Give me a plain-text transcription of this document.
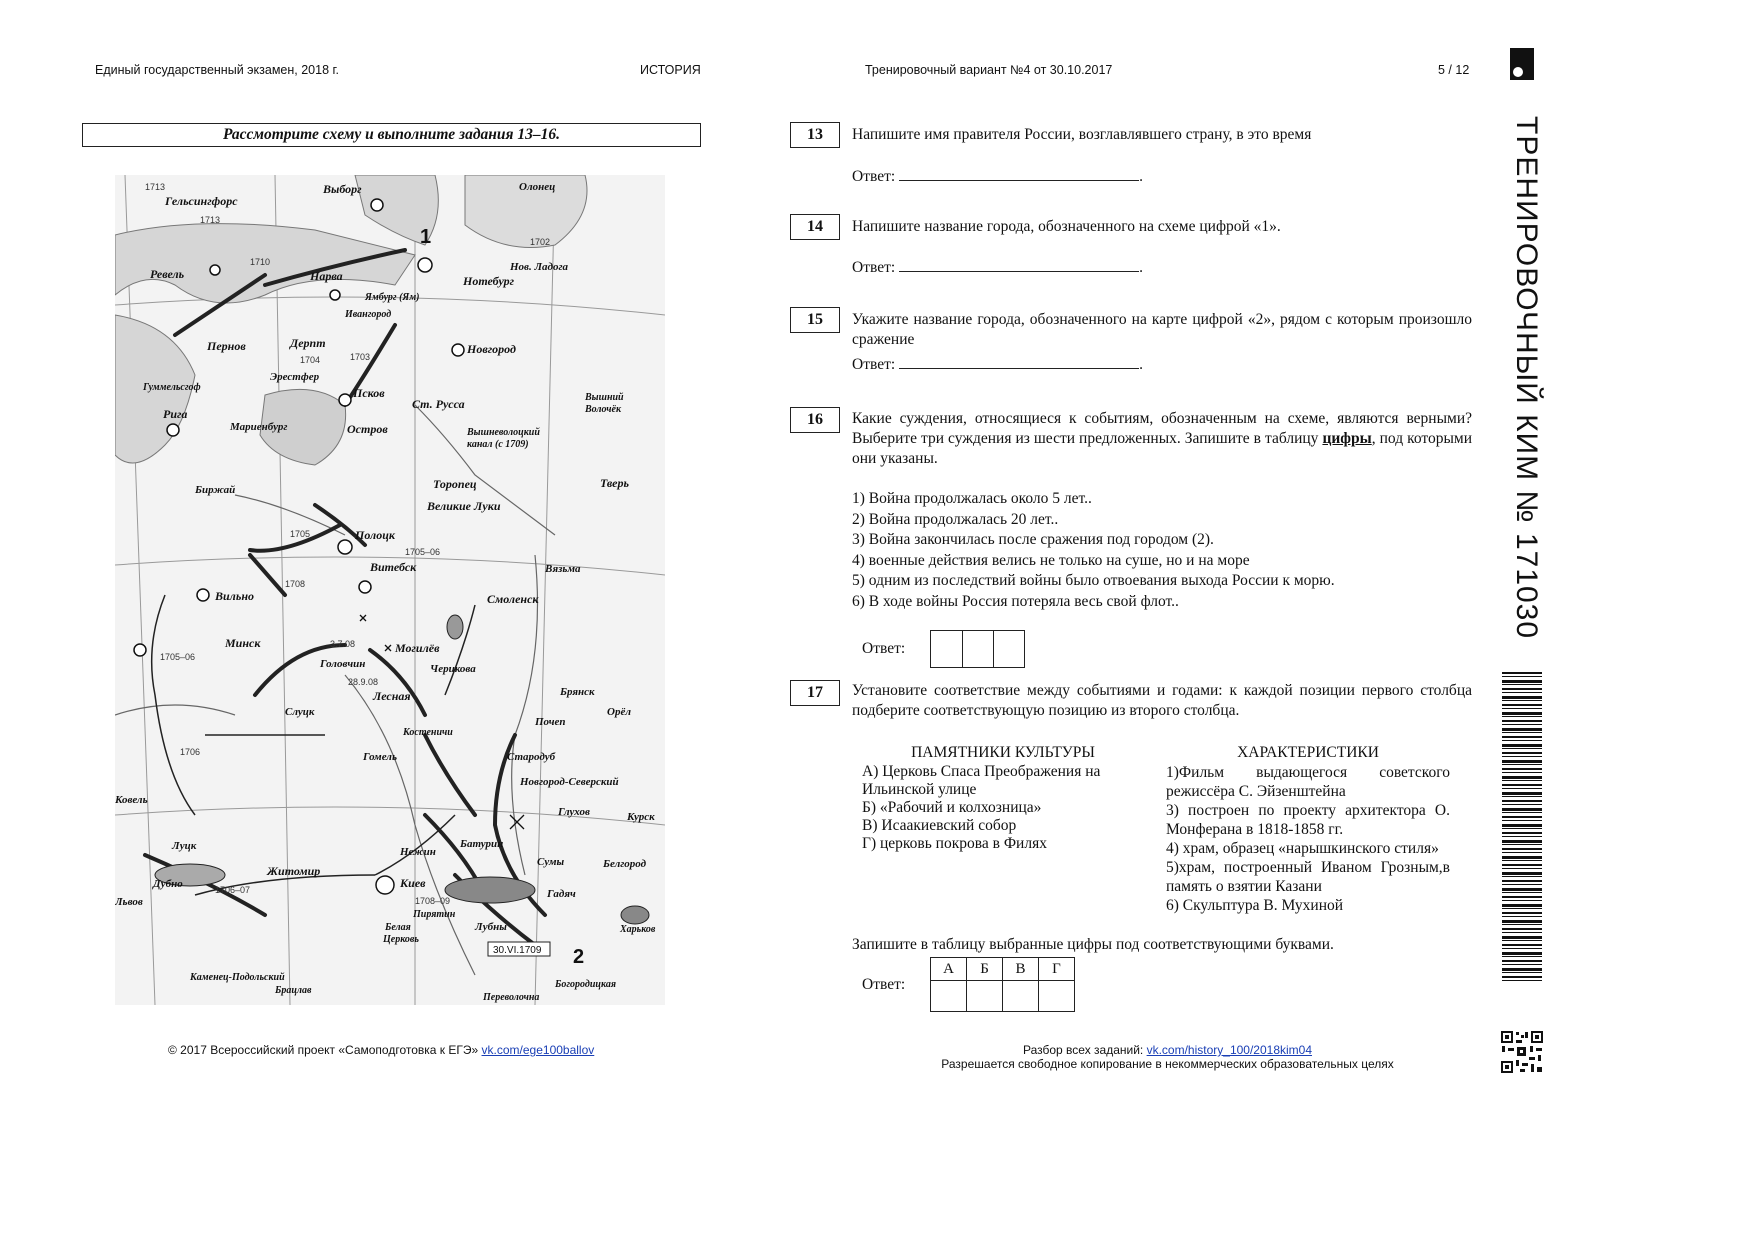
Единый государственный экзамен, 2018 г.	ИСТОРИЯ	Тренировочный вариант №4 от 30.10.2017	5 / 12
ТРЕНИРОВОЧНЫЙ КИМ № 171030
Рассмотрите схему и выполните задания 13–16.
Выборг
Гельсингфорс
Ревель	Нарва
Ямбург (Ям)
Ивангород
Нотебург
Нов. Ладога
Олонец
Пернов	Дерпт	Новгород
Эрестфер
Гуммельсгоф	Псков
Рига
Мариенбург	Остров
Ст. Русса	Вышний
Волочёк
Вышневолоцкий
канал (с 1709)
Торопец	Тверь
Великие Луки
Биржай
Полоцк
Витебск	Вязьма
Вильно	Смоленск
Минск
Головчин
Могилёв
Черикова
Лесная	Брянск
Орёл
Слуцк
Почеп
Костеничи
Гомель	Стародуб
Новгород-Северский
Ковель
Луцк
Глухов	Курск
Нежин
Батурин
Сумы	Белгород
Житомир
Киев
Дубно
Гадяч
Львов
Пирятин
Лубны	Харьков
Белая
Церковь
Каменец-Подольский
Брацлав
Переволочна
Богородицкая
1713
1713
1710
1702
1703
1704
1705
1705–06
1708
1705–06
1706–07
1708–09
3.7.08
28.9.08
1706
30.VI.1709
1
2
13	Напишите имя правителя России, возглавлявшего страну, в это время
Ответ:	.
14	Напишите название города, обозначенного на схеме цифрой «1».
Ответ:	.
15	Укажите название города, обозначенного на карте цифрой «2», рядом с которым произошло сражение
Ответ:	.
16	Какие суждения, относящиеся к событиям, обозначенным на схеме, являются верными? Выберите три суждения из шести предложенных. Запишите в таблицу цифры, под которыми они указаны.
1) Война продолжалась около 5 лет..
2) Война продолжалась 20 лет..
3) Война закончилась после сражения под городом (2).
4) военные действия велись не только на суше, но и на море
5) одним из последствий войны было отвоевания выхода России к морю.
6) В ходе войны Россия потеряла весь свой флот..
Ответ:
17	Установите соответствие между событиями и годами: к каждой позиции первого столбца подберите соответствующую позицию из второго столбца.
ПАМЯТНИКИ КУЛЬТУРЫ	ХАРАКТЕРИСТИКИ
А) Церковь Спаса Преображения на Ильинской улице
Б) «Рабочий и колхозница»
В) Исаакиевский собор
Г) церковь покрова в Филях
1)Фильм выдающегося советского режиссёра С. Эйзенштейна
3) построен по проекту архитектора О. Монферана в 1818-1858 гг.
4) храм, образец «нарышкинского стиля»
5)храм, построенный Иваном Грозным,в память о взятии Казани
6) Скульптура В. Мухиной
Запишите в таблицу выбранные цифры под соответствующими буквами.
Ответ:
А	Б	В	Г
© 2017 Всероссийский проект «Самоподготовка к ЕГЭ» vk.com/ege100ballov	Разбор всех заданий: vk.com/history_100/2018kim04
Разрешается свободное копирование в некоммерческих образовательных целях
